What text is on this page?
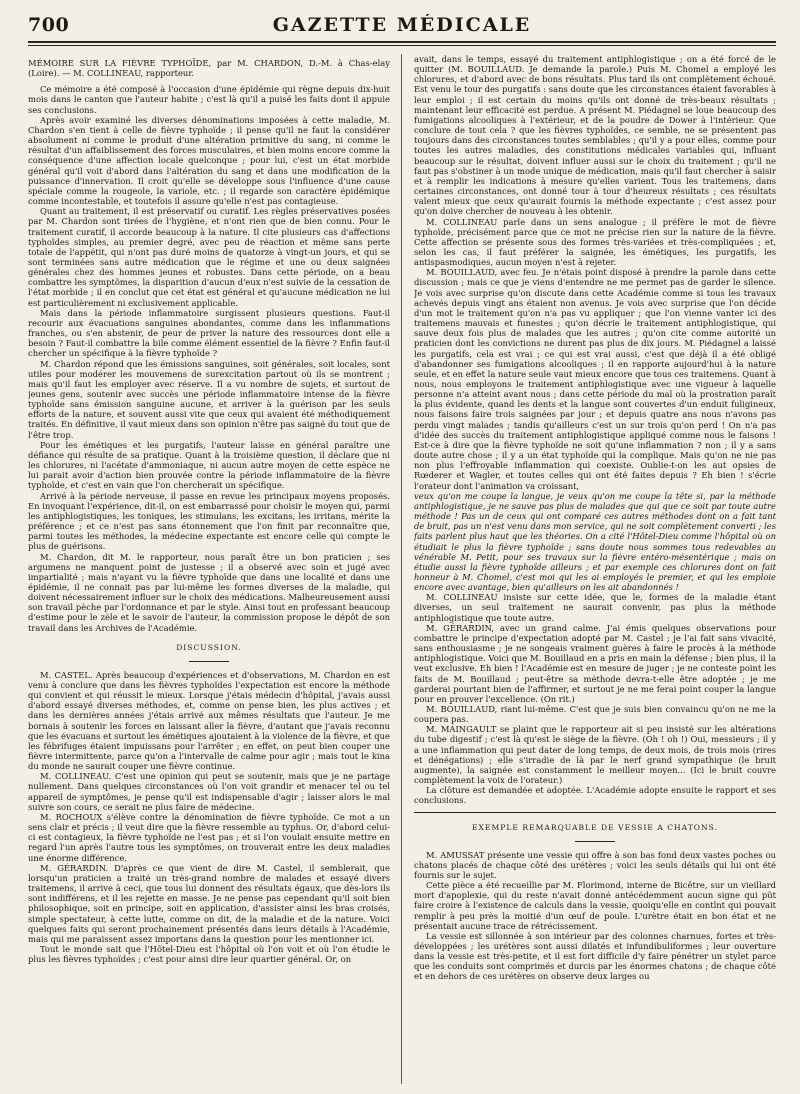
700	GAZETTE MÉDICALE

MÉMOIRE SUR LA FIÈVRE TYPHOÏDE, par M. CHARDON, D.-M. à Chas-elay (Loire). — M. COLLINEAU, rapporteur.

Ce mémoire a été composé à l'occasion d'une épidémie qui règne depuis dix-huit mois dans le canton que l'auteur habite ; c'est là qu'il a puisé les faits dont il appuie ses conclusions.

Après avoir examiné les diverses dénominations imposées à cette maladie, M. Chardon s'en tient à celle de fièvre typhoïde ; il pense qu'il ne faut la considérer absolument ni comme le produit d'une altération primitive du sang, ni comme le résultat d'un affaiblissement des forces musculaires, et bien moins encore comme la conséquence d'une affection locale quelconque ; pour lui, c'est un état morbide général qu'il voit d'abord dans l'altération du sang et dans une modification de la puissance d'innervation. Il croit qu'elle se développe sous l'influence d'une cause spéciale comme la rougeole, la variole, etc. ; il regarde son caractère épidémique comme incontestable, et toutefois il assure qu'elle n'est pas contagieuse.

Quant au traitement, il est préservatif ou curatif. Les règles préservatives posées par M. Chardon sont tirées de l'hygiène, et n'ont rien que de bien connu. Pour le traitement curatif, il accorde beaucoup à la nature. Il cite plusieurs cas d'affections typhoïdes simples, au premier degré, avec peu de réaction et même sans perte totale de l'appétit, qui n'ont pas duré moins de quatorze à vingt-un jours, et qui se sont terminées sans autre médication que le régime et une ou deux saignées générales chez des hommes jeunes et robustes. Dans cette période, on a beau combattre les symptômes, la disparition d'aucun d'eux n'est suivie de la cessation de l'état morbide ; il en conclut que cet état est général et qu'aucune médication ne lui est particulièrement ni exclusivement applicable.

Mais dans la période inflammatoire surgissent plusieurs questions. Faut-il recourir aux évacuations sanguines abondantes, comme dans les inflammations franches, ou s'en abstenir, de peur de priver la nature des ressources dont elle a besoin ? Faut-il combattre la bile comme élément essentiel de la fièvre ? Enfin faut-il chercher un spécifique à la fièvre typhoïde ?

M. Chardon répond que les émissions sanguines, soit générales, soit locales, sont utiles pour modérer les mouvemens de surexcitation partout où ils se montrent ; mais qu'il faut les employer avec réserve. Il a vu nombre de sujets, et surtout de jeunes gens, soutenir avec succès une période inflammatoire intense de la fièvre typhoïde sans émission sanguine aucune, et arriver à la guérison par les seuls efforts de la nature, et souvent aussi vite que ceux qui avaient été méthodiquement traités. En définitive, il vaut mieux dans son opinion n'être pas saigné du tout que de l'être trop.

Pour les émétiques et les purgatifs, l'auteur laisse en général paraître une défiance qui résulte de sa pratique. Quant à la troisième question, il déclare que ni les chlorures, ni l'acétate d'ammoniaque, ni aucun autre moyen de cette espèce ne lui parait avoir d'action bien prouvée contre la période inflammatoire de la fièvre typhoïde, et c'est en vain que l'on chercherait un spécifique.

Arrivé à la période nerveuse, il passe en revue les principaux moyens proposés. En invoquant l'expérience, dit-il, on est embarrassé pour choisir le moyen qui, parmi les antiphlogistiques, les toniques, les stimulans, les excitans, les irritans, mérite la préférence ; et ce n'est pas sans étonnement que l'on finit par reconnaître que, parmi toutes les méthodes, la médecine expectante est encore celle qui compte le plus de guérisons.

M. Chardon, dit M. le rapporteur, nous paraît être un bon praticien ; ses argumens ne manquent point de justesse ; il a observé avec soin et jugé avec impartialité ; mais n'ayant vu la fièvre typhoïde que dans une localité et dans une épidémie, il ne connait pas par lui-même les formes diverses de la maladie, qui doivent nécessairement influer sur le choix des médications. Malheureusement aussi son travail pèche par l'ordonnance et par le style. Ainsi tout en professant beaucoup d'estime pour le zèle et le savoir de l'auteur, la commission propose le dépôt de son travail dans les Archives de l'Académie.

DISCUSSION.

M. CASTEL. Après beaucoup d'expériences et d'observations, M. Chardon en est venu à conclure que dans les fièvres typhoïdes l'expectation est encore la méthode qui convient et qui réussit le mieux. Lorsque j'étais médecin d'hôpital, j'avais aussi d'abord essayé diverses méthodes, et, comme on pense bien, les plus actives ; et dans les dernières années j'étais arrivé aux mêmes résultats que l'auteur. Je me bornais à soutenir les forces en laissant aller la fièvre, d'autant que j'avais reconnu que les évacuans et surtout les émétiques ajoutaient à la violence de la fièvre, et que les fébrifuges étaient impuissans pour l'arrêter ; en effet, on peut bien couper une fièvre intermittente, parce qu'on a l'intervalle de calme pour agir ; mais tout le kina du monde ne saurait couper une fièvre continue.

M. COLLINEAU. C'est une opinion qui peut se soutenir, mais que je ne partage nullement. Dans quelques circonstances où l'on voit grandir et menacer tel ou tel appareil de symptômes, je pense qu'il est indispensable d'agir ; laisser alors le mal suivre son cours, ce serait ne plus faire de médecine.

M. ROCHOUX s'élève contre la dénomination de fièvre typhoïde. Ce mot a un sens clair et précis ; il veut dire que la fièvre ressemble au typhus. Or, d'abord celui-ci est contagieux, la fièvre typhoïde ne l'est pas ; et si l'on voulait ensuite mettre en regard l'un après l'autre tous les symptômes, on trouverait entre les deux maladies une énorme différence.

M. GÉRARDIN. D'après ce que vient de dire M. Castel, il semblerait, que lorsqu'un praticien a traité un très-grand nombre de malades et essayé divers traitemens, il arrive à ceci, que tous lui donnent des résultats égaux, que dès-lors ils sont indifférens, et il les rejette en masse. Je ne pense pas cependant qu'il soit bien philosophique, soit en principe, soit en application, d'assister ainsi les bras croisés, simple spectateur, à cette lutte, comme on dit, de la maladie et de la nature. Voici quelques faits qui seront prochainement présentés dans leurs détails à l'Académie, mais qui me paraissent assez importans dans la question pour les mentionner ici.

Tout le monde sait que l'Hôtel-Dieu est l'hôpital où l'on voit et où l'on étudie le plus les fièvres typhoïdes ; c'est pour ainsi dire leur quartier général. Or, on

avait, dans le temps, essayé du traitement antiphlogistique ; on a été forcé de le quitter (M. BOUILLAUD. Je demande la parole.) Puis M. Chomel a employé les chlorures, et d'abord avec de bons résultats. Plus tard ils ont complètement échoué. Est venu le tour des purgatifs : sans doute que les circonstances étaient favorables à leur emploi ; il est certain du moins qu'ils ont donné de très-beaux résultats ; maintenant leur efficacité est perdue. A présent M. Piédagnel se loue beaucoup des fumigations alcooliques à l'extérieur, et de la poudre de Dower à l'intérieur. Que conclure de tout cela ? que les fièvres typhoïdes, ce semble, ne se présentent pas toujours dans des circonstances toutes semblables ; qu'il y a pour elles, comme pour toutes les autres maladies, des constitutions médicales variables qui, influant beaucoup sur le résultat, doivent influer aussi sur le choix du traitement ; qu'il ne faut pas s'obstiner à un mode unique de médication, mais qu'il faut chercher à saisir et à remplir les indications à mesure qu'elles varient. Tous les traitemens, dans certaines circonstances, ont donné tour à tour d'heureux résultats ; ces résultats valent mieux que ceux qu'aurait fournis la méthode expectante ; c'est assez pour qu'on doive chercher de nouveau à les obtenir.

M. COLLINEAU parle dans un sens analogue ; il préfère le mot de fièvre typhoïde, précisément parce que ce mot ne précise rien sur la nature de la fièvre. Cette affection se présente sous des formes très-variées et très-compliquées ; et, selon les cas, il faut préférer la saignée, les émétiques, les purgatifs, les antispasmodiques, aucun moyen n'est à rejeter.

M. BOUILLAUD, avec feu. Je n'étais point disposé à prendre la parole dans cette discussion ; mais ce que je viens d'entendre ne me permet pas de garder le silence. Je vois avec surprise qu'on discute dans cette Académie comme si tous les travaux achevés depuis vingt ans étaient non avenus. Je vois avec surprise que l'on décide d'un mot le traitement qu'on n'a pas vu appliquer ; que l'on vienne vanter ici des traitemens mauvais et funestes ; qu'on décrie le traitement antiphlogistique, qui sauve deux fois plus de malades que les autres ; qu'on cite comme autorité un praticien dont les convictions ne durent pas plus de dix jours. M. Piédagnel a laissé les purgatifs, cela est vrai ; ce qui est vrai aussi, c'est que déjà il a été obligé d'abandonner ses fumigations alcooliques ; il en rapporte aujourd'hui à la nature seule, et en effet la nature seule vaut mieux encore que tous ces traitemens. Quant à nous, nous employons le traitement antiphlogistique avec une vigueur à laquelle personne n'a atteint avant nous ; dans cette période du mal où la prostration paraît la plus évidente, quand les dents et la langue sont couvertes d'un enduit fuligineux, nous faisons faire trois saignées par jour ; et depuis quatre ans nous n'avons pas perdu vingt malades ; tandis qu'ailleurs c'est un sur trois qu'on perd ! On n'a pas d'idée des succès du traitement antiphlogistique appliqué comme nous le faisons ! Est-ce à dire que la fièvre typhoïde ne soit qu'une inflammation ? non ; il y a sans doute autre chose ; il y a un état typhoïde qui la complique. Mais qu'on ne nie pas non plus l'effroyable inflammation qui coexiste. Oublie-t-on les aut opsies de Rœderer et Wagler, et toutes celles qui ont été faites depuis ? Eh bien ! s'écrie l'orateur dont l'animation va croissant,

veux qu'on me coupe la langue, je veux qu'on me coupe la tête si, par la méthode antiphlogistique, je ne sauve pas plus de malades que qui que ce soit par toute autre méthode ! Pas un de ceux qui ont comparé ces autres méthodes dont on a fait tant de bruit, pas un n'est venu dans mon service, qui ne soit complètement converti ; les faits parlent plus haut que les théories. On a cité l'Hôtel-Dieu comme l'hôpital où on étudiait le plus la fièvre typhoïde ; sans doute nous sommes tous redevables au vénérable M. Petit, pour ses travaux sur la fièvre entéro-mésentérique ; mais on étudie aussi la fièvre typhoïde ailleurs ; et par exemple ces chlorures dont on fait honneur à M. Chomel, c'est moi qui les ai employés le premier, et qui les emploie encore avec avantage, bien qu'ailleurs on les ait abandonnés !

M. COLLINEAU insiste sur cette idée, que le, formes de la maladie étant diverses, un seul traitement ne saurait convenir, pas plus la méthode antiphlogistique que toute autre.

M. GÉRARDIN, avec un grand calme. J'ai émis quelques observations pour combattre le principe d'expectation adopté par M. Castel ; je l'ai fait sans vivacité, sans enthousiasme ; je ne songeais vraiment guères à faire le procès à la méthode antiphlogistique. Voici que M. Bouillaud en a pris en main la défense ; bien plus, il la veut exclusive. Eh bien ! l'Académie est en mesure de juger ; je ne conteste point les faits de M. Bouillaud ; peut-être sa méthode devra-t-elle être adoptée ; je me garderai pourtant bien de l'affirmer, et surtout je ne me ferai point couper la langue pour en prouver l'excellence. (On rit.)

M. BOUILLAUD, riant lui-même. C'est que je suis bien convaincu qu'on ne me la coupera pas.

M. MAINGAULT se plaint que le rapporteur ait si peu insisté sur les altérations du tube digestif ; c'est là qu'est le siège de la fièvre. (Oh ! oh !) Oui, messieurs ; il y a une inflammation qui peut dater de long temps, de deux mois, de trois mois (rires et dénégations) ; elle s'irradie de là par le nerf grand sympathique (le bruit augmente), la saignée est constamment le meilleur moyen... (Ici le bruit couvre complètement la voix de l'orateur.)

La clôture est demandée et adoptée. L'Académie adopte ensuite le rapport et ses conclusions.

EXEMPLE REMARQUABLE DE VESSIE A CHATONS.

M. AMUSSAT présente une vessie qui offre à son bas fond deux vastes poches ou chatons placés de chaque côté des urétères ; voici les seuls détails qui lui ont été fournis sur le sujet.

Cette pièce a été recueillie par M. Florimond, interne de Bicêtre, sur un vieillard mort d'apoplexie, qui du reste n'avait donné antécédemment aucun signe qui pût faire croire à l'existence de calculs dans la vessie, quoiqu'elle en contînt qui pouvait remplir à peu près la moitié d'un œuf de poule. L'urètre était en bon état et ne présentait aucune trace de rétrécissement.

La vessie est sillonnée à son intérieur par des colonnes charnues, fortes et très-développées ; les urétères sont aussi dilatés et infundibuliformes ; leur ouverture dans la vessie est très-petite, et il est fort difficile d'y faire pénétrer un stylet parce que les conduits sont comprimés et durcis par les énormes chatons ; de chaque côté et en dehors de ces urétères on observe deux larges ou
